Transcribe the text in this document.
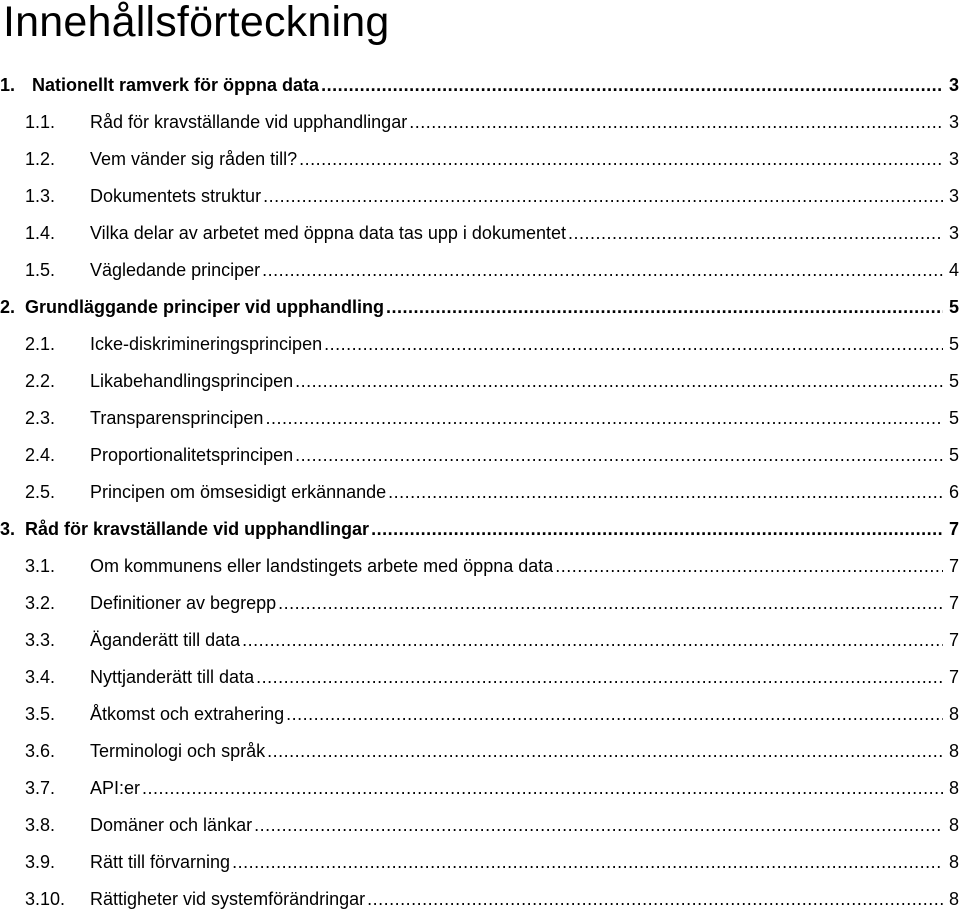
Innehållsförteckning
1. Nationellt ramverk för öppna data .....	3
1.1.	Råd för kravställande vid upphandlingar .....	3
1.2.	Vem vänder sig råden till? .....	3
1.3.	Dokumentets struktur .....	3
1.4.	Vilka delar av arbetet med öppna data tas upp i dokumentet .....	3
1.5.	Vägledande principer .....	4
2. Grundläggande principer vid upphandling .....	5
2.1.	Icke-diskrimineringsprincipen .....	5
2.2.	Likabehandlingsprincipen .....	5
2.3.	Transparensprincipen .....	5
2.4.	Proportionalitetsprincipen .....	5
2.5.	Principen om ömsesidigt erkännande .....	6
3. Råd för kravställande vid upphandlingar .....	7
3.1.	Om kommunens eller landstingets arbete med öppna data .....	7
3.2.	Definitioner av begrepp .....	7
3.3.	Äganderätt till data .....	7
3.4.	Nyttjanderätt till data .....	7
3.5.	Åtkomst och extrahering .....	8
3.6.	Terminologi och språk .....	8
3.7.	API:er .....	8
3.8.	Domäner och länkar .....	8
3.9.	Rätt till förvarning .....	8
3.10.	Rättigheter vid systemförändringar .....	8
